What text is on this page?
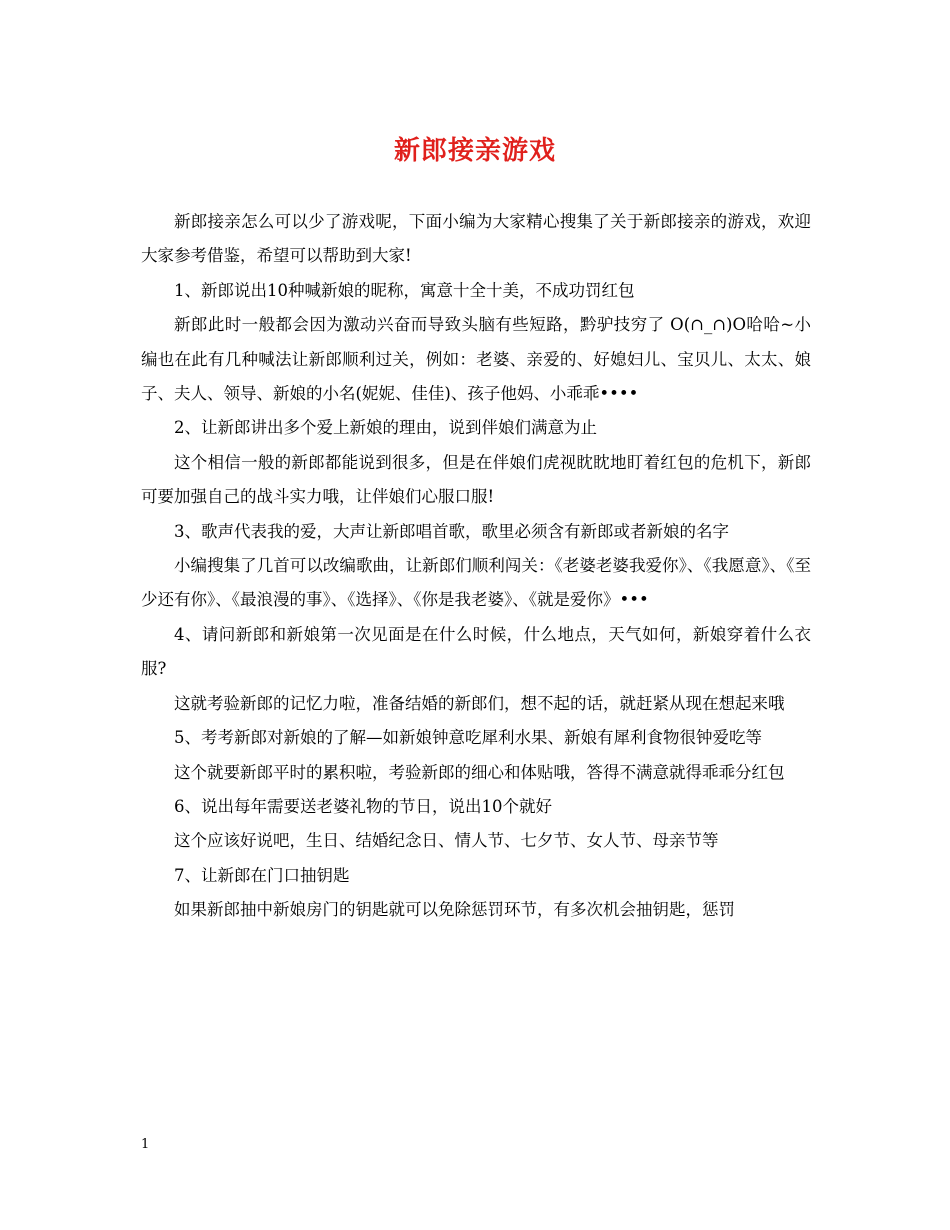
新郎接亲游戏

新郎接亲怎么可以少了游戏呢，下面小编为大家精心搜集了关于新郎接亲的游戏，欢迎大家参考借鉴，希望可以帮助到大家!

1、新郎说出10种喊新娘的昵称，寓意十全十美，不成功罚红包

新郎此时一般都会因为激动兴奋而导致头脑有些短路，黔驴技穷了 O(∩_∩)O哈哈~小编也在此有几种喊法让新郎顺利过关，例如：老婆、亲爱的、好媳妇儿、宝贝儿、太太、娘子、夫人、领导、新娘的小名(妮妮、佳佳)、孩子他妈、小乖乖••••

2、让新郎讲出多个爱上新娘的理由，说到伴娘们满意为止

这个相信一般的新郎都能说到很多，但是在伴娘们虎视眈眈地盯着红包的危机下，新郎可要加强自己的战斗实力哦，让伴娘们心服口服!

3、歌声代表我的爱，大声让新郎唱首歌，歌里必须含有新郎或者新娘的名字

小编搜集了几首可以改编歌曲，让新郎们顺利闯关：《老婆老婆我爱你》、《我愿意》、《至少还有你》、《最浪漫的事》、《选择》、《你是我老婆》、《就是爱你》•••

4、请问新郎和新娘第一次见面是在什么时候，什么地点，天气如何，新娘穿着什么衣服?

这就考验新郎的记忆力啦，准备结婚的新郎们，想不起的话，就赶紧从现在想起来哦

5、考考新郎对新娘的了解—如新娘钟意吃犀利水果、新娘有犀利食物很钟爱吃等

这个就要新郎平时的累积啦，考验新郎的细心和体贴哦，答得不满意就得乖乖分红包

6、说出每年需要送老婆礼物的节日，说出10个就好

这个应该好说吧，生日、结婚纪念日、情人节、七夕节、女人节、母亲节等

7、让新郎在门口抽钥匙

如果新郎抽中新娘房门的钥匙就可以免除惩罚环节，有多次机会抽钥匙，惩罚

1
